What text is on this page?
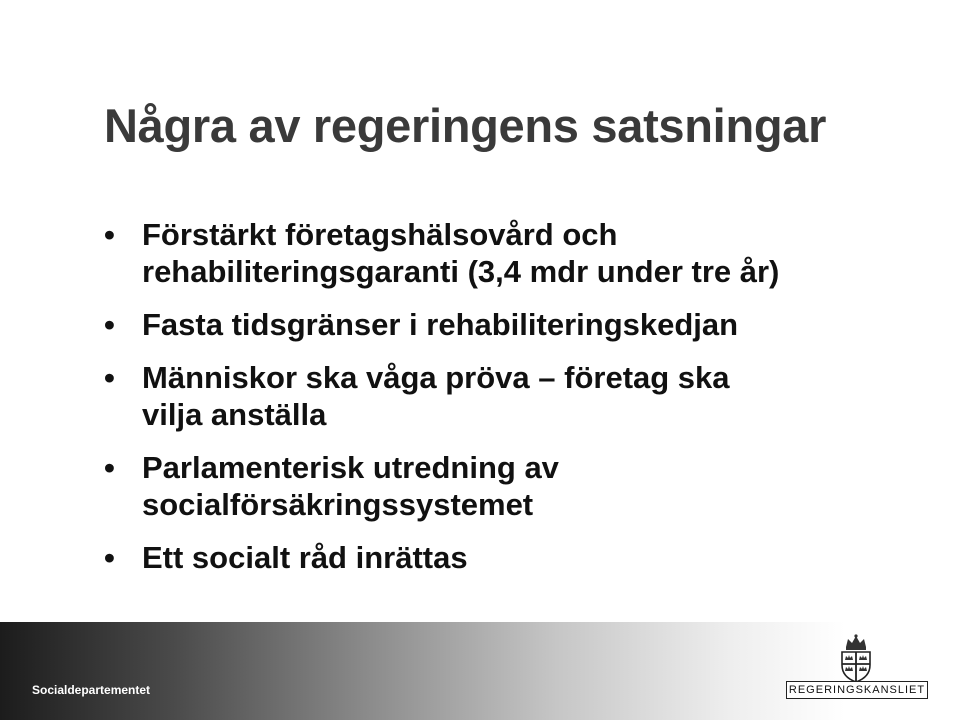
Några av regeringens satsningar
• Förstärkt företagshälsovård och
rehabiliteringsgaranti (3,4 mdr under tre år)
• Fasta tidsgränser i rehabiliteringskedjan
• Människor ska våga pröva – företag ska
vilja anställa
• Parlamenterisk utredning av
socialförsäkringssystemet
• Ett socialt råd inrättas
Socialdepartementet	REGERINGSKANSLIET
